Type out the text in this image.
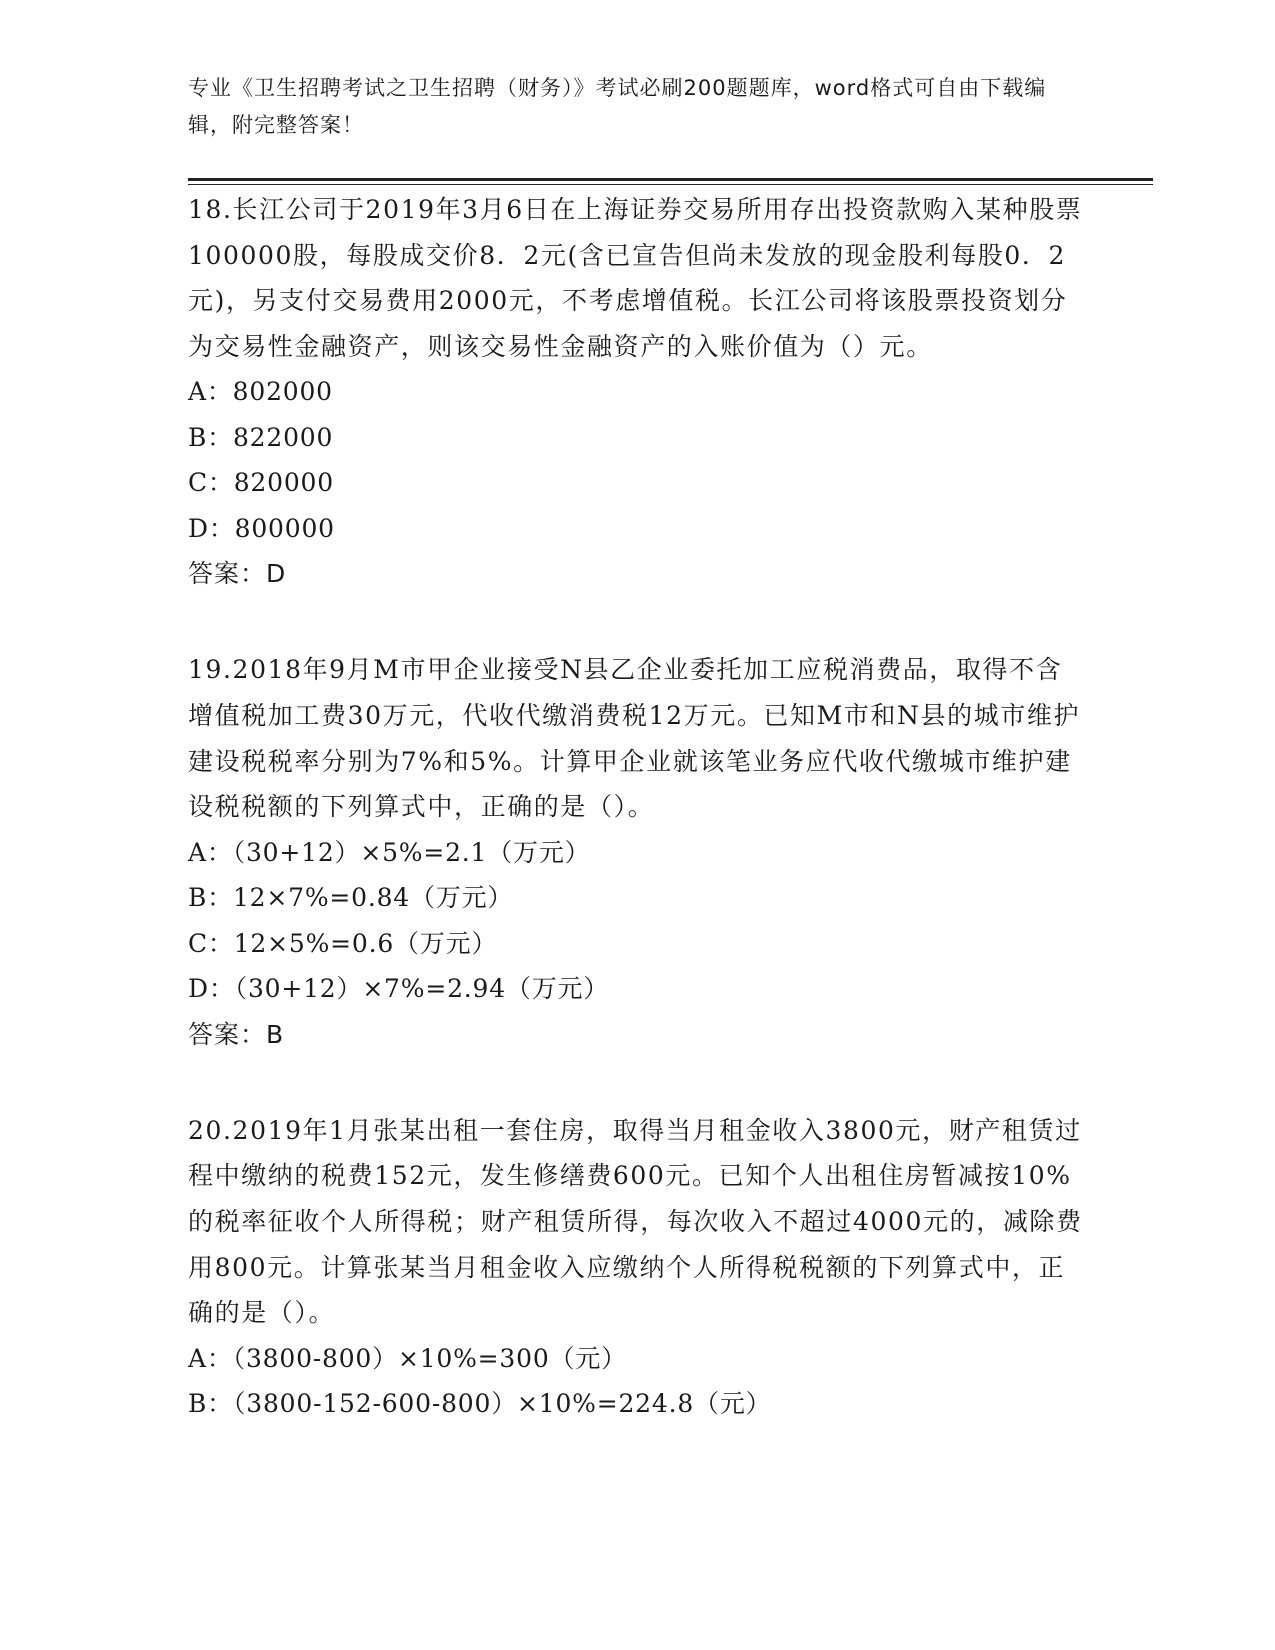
专业《卫生招聘考试之卫生招聘（财务）》考试必刷200题题库，word格式可自由下载编辑，附完整答案！

18.长江公司于2019年3月6日在上海证券交易所用存出投资款购入某种股票100000股，每股成交价8．2元(含已宣告但尚未发放的现金股利每股0．2元)，另支付交易费用2000元，不考虑增值税。长江公司将该股票投资划分为交易性金融资产，则该交易性金融资产的入账价值为（）元。

A：802000

B：822000

C：820000

D：800000

答案：D

19.2018年9月M市甲企业接受N县乙企业委托加工应税消费品，取得不含增值税加工费30万元，代收代缴消费税12万元。已知M市和N县的城市维护建设税税率分别为7%和5%。计算甲企业就该笔业务应代收代缴城市维护建设税税额的下列算式中，正确的是（）。

A：（30+12）×5%=2.1（万元）

B：12×7%=0.84（万元）

C：12×5%=0.6（万元）

D：（30+12）×7%=2.94（万元）

答案：B

20.2019年1月张某出租一套住房，取得当月租金收入3800元，财产租赁过程中缴纳的税费152元，发生修缮费600元。已知个人出租住房暂减按10%的税率征收个人所得税；财产租赁所得，每次收入不超过4000元的，减除费用800元。计算张某当月租金收入应缴纳个人所得税税额的下列算式中，正确的是（）。

A：（3800-800）×10%=300（元）

B：（3800-152-600-800）×10%=224.8（元）
